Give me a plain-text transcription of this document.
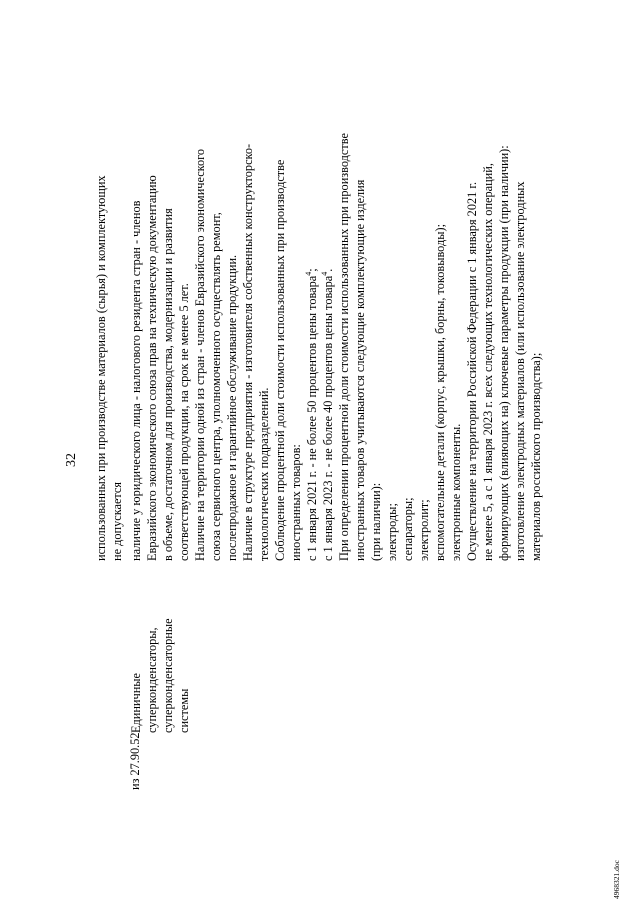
32 использованных при производстве материалов (сырья) и комплектующих не допускается
из 27.90.52
Единичные суперконденсаторы, суперконденсаторные системы
наличие у юридического лица - налогового резидента стран - членов Евразийского экономического союза прав на техническую документацию в объеме, достаточном для производства, модернизации и развития соответствующей продукции, на срок не менее 5 лет. Наличие на территории одной из стран - членов Евразийского экономического союза сервисного центра, уполномоченного осуществлять ремонт, послепродажное и гарантийное обслуживание продукции. Наличие в структуре предприятия - изготовителя собственных конструкторско- технологических подразделений. Соблюдение процентной доли стоимости использованных при производстве иностранных товаров: с 1 января 2021 г. - не более 50 процентов цены товара$^4$;
с 1 января 2023 г. - не более 40 процентов цены товара$^4$. При определении процентной доли стоимости использованных при производстве иностранных товаров учитываются следующие комплектующие изделия (при наличии): электроды; сепараторы; электролит; вспомогательные детали (корпус, крышки, борны, токовыводы); электронные компоненты. Осуществление на территории Российской Федерации с 1 января 2021 г. не менее 5, а с 1 января 2023 г. всех следующих технологических операций, формирующих (влияющих на) ключевые параметры продукции (при наличии): изготовление электродных материалов (или использование электродных материалов российского производства);
4968321.doc
